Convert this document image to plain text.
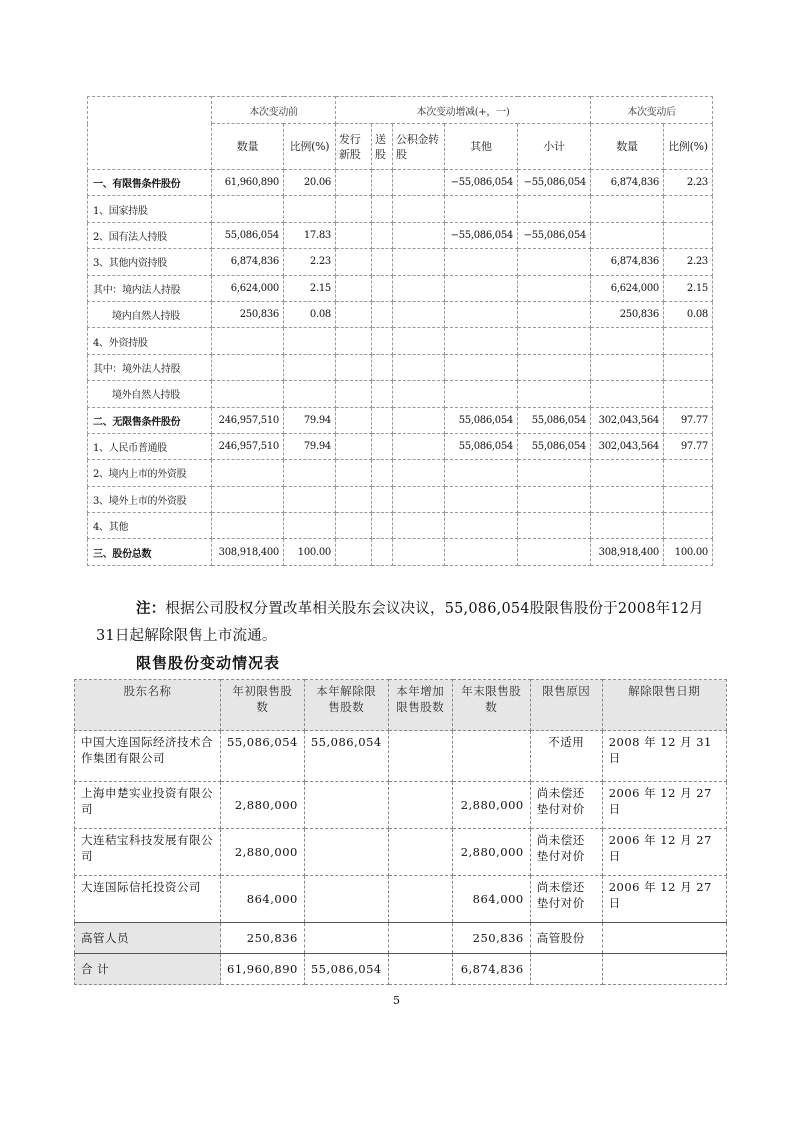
	本次变动前		本次变动增减(+，一)					本次变动后	
	数量	比例(%)	发行新股	送股	公积金转股	其他	小计	数量	比例(%)
一、有限售条件股份	61,960,890	20.06				−55,086,054	−55,086,054	6,874,836	2.23
1、国家持股									
2、国有法人持股	55,086,054	17.83				−55,086,054	−55,086,054		
3、其他内资持股	6,874,836	2.23						6,874,836	2.23
其中：境内法人持股	6,624,000	2.15						6,624,000	2.15
境内自然人持股	250,836	0.08						250,836	0.08
4、外资持股									
其中：境外法人持股									
境外自然人持股									
二、无限售条件股份	246,957,510	79.94				55,086,054	55,086,054	302,043,564	97.77
1、人民币普通股	246,957,510	79.94				55,086,054	55,086,054	302,043,564	97.77
2、境内上市的外资股									
3、境外上市的外资股									
4、其他									
三、股份总数	308,918,400	100.00						308,918,400	100.00

注：根据公司股权分置改革相关股东会议决议，55,086,054股限售股份于2008年12月31日起解除限售上市流通。

限售股份变动情况表
股东名称	年初限售股数	本年解除限售股数	本年增加限售股数	年末限售股数	限售原因	解除限售日期
中国大连国际经济技术合作集团有限公司	55,086,054	55,086,054			不适用	2008 年 12 月 31 日
上海申楚实业投资有限公司	2,880,000			2,880,000	尚未偿还垫付对价	2006 年 12 月 27 日
大连秸宝科技发展有限公司	2,880,000			2,880,000	尚未偿还垫付对价	2006 年 12 月 27 日
大连国际信托投资公司	864,000			864,000	尚未偿还垫付对价	2006 年 12 月 27 日
高管人员	250,836			250,836	高管股份	
合 计	61,960,890	55,086,054		6,874,836		
5
